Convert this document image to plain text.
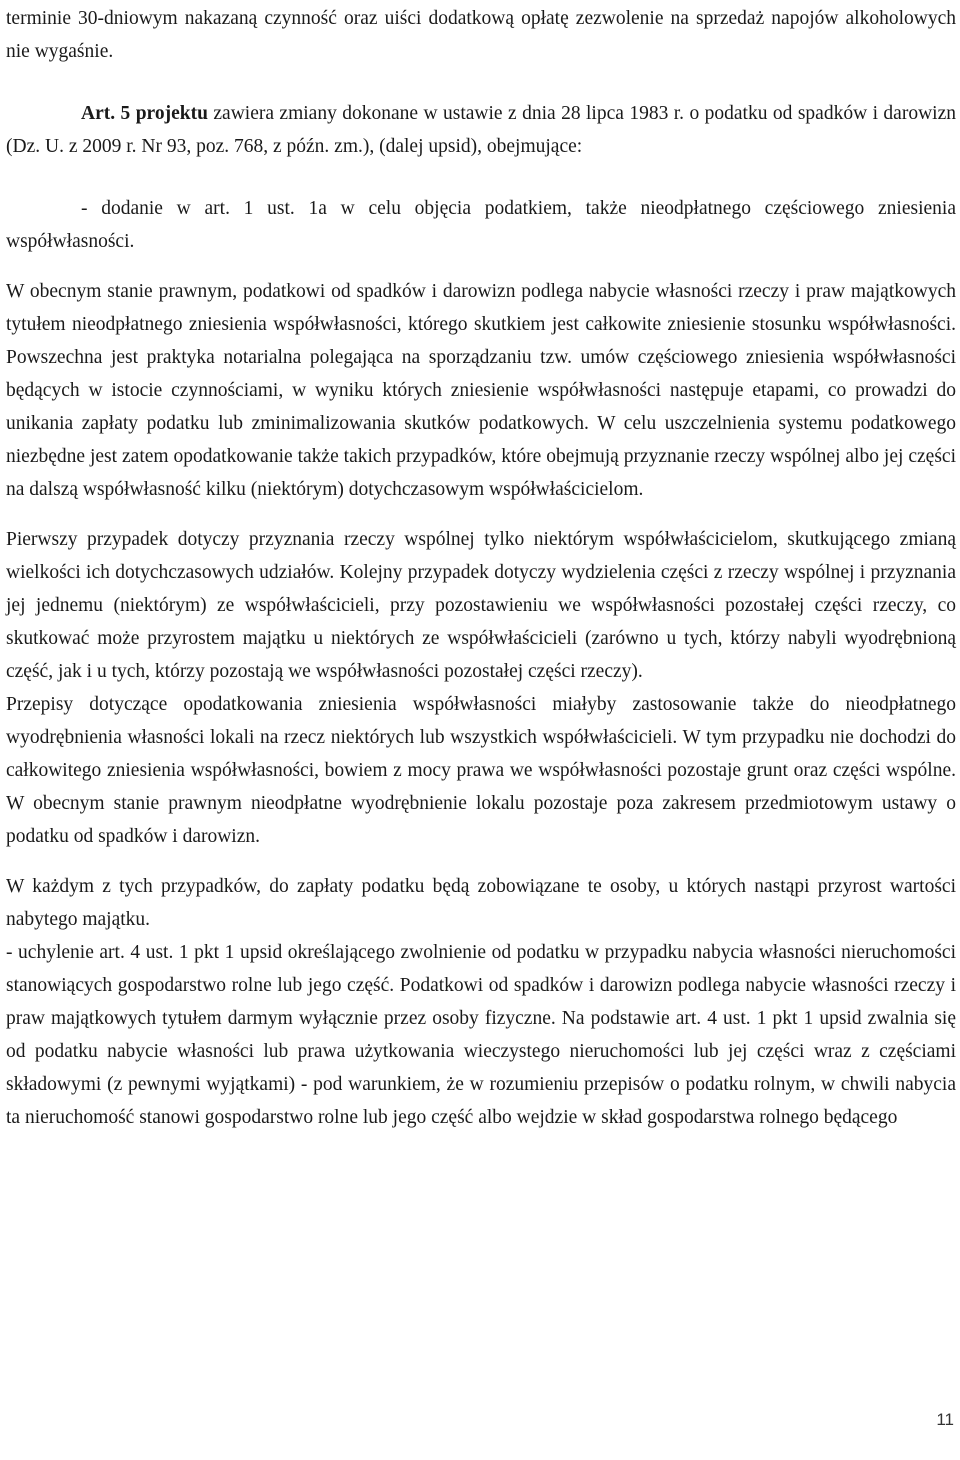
terminie 30-dniowym nakazaną czynność oraz uiści dodatkową opłatę zezwolenie na sprzedaż napojów alkoholowych nie wygaśnie.

Art. 5 projektu zawiera zmiany dokonane w ustawie z dnia 28 lipca 1983 r. o podatku od spadków i darowizn (Dz. U. z 2009 r. Nr 93, poz. 768, z późn. zm.), (dalej upsid), obejmujące:

- dodanie w art. 1 ust. 1a w celu objęcia podatkiem, także nieodpłatnego częściowego zniesienia współwłasności.

W obecnym stanie prawnym, podatkowi od spadków i darowizn podlega nabycie własności rzeczy i praw majątkowych tytułem nieodpłatnego zniesienia współwłasności, którego skutkiem jest całkowite zniesienie stosunku współwłasności. Powszechna jest praktyka notarialna polegająca na sporządzaniu tzw. umów częściowego zniesienia współwłasności będących w istocie czynnościami, w wyniku których zniesienie współwłasności następuje etapami, co prowadzi do unikania zapłaty podatku lub zminimalizowania skutków podatkowych. W celu uszczelnienia systemu podatkowego niezbędne jest zatem opodatkowanie także takich przypadków, które obejmują przyznanie rzeczy wspólnej albo jej części na dalszą współwłasność kilku (niektórym) dotychczasowym współwłaścicielom.

Pierwszy przypadek dotyczy przyznania rzeczy wspólnej tylko niektórym współwłaścicielom, skutkującego zmianą wielkości ich dotychczasowych udziałów. Kolejny przypadek dotyczy wydzielenia części z rzeczy wspólnej i przyznania jej jednemu (niektórym) ze współwłaścicieli, przy pozostawieniu we współwłasności pozostałej części rzeczy, co skutkować może przyrostem majątku u niektórych ze współwłaścicieli (zarówno u tych, którzy nabyli wyodrębnioną część, jak i u tych, którzy pozostają we współwłasności pozostałej części rzeczy).

Przepisy dotyczące opodatkowania zniesienia współwłasności miałyby zastosowanie także do nieodpłatnego wyodrębnienia własności lokali na rzecz niektórych lub wszystkich współwłaścicieli. W tym przypadku nie dochodzi do całkowitego zniesienia współwłasności, bowiem z mocy prawa we współwłasności pozostaje grunt oraz części wspólne. W obecnym stanie prawnym nieodpłatne wyodrębnienie lokalu pozostaje poza zakresem przedmiotowym ustawy o podatku od spadków i darowizn.

W każdym z tych przypadków, do zapłaty podatku będą zobowiązane te osoby, u których nastąpi przyrost wartości nabytego majątku.

- uchylenie art. 4 ust. 1 pkt 1 upsid określającego zwolnienie od podatku w przypadku nabycia własności nieruchomości stanowiących gospodarstwo rolne lub jego część. Podatkowi od spadków i darowizn podlega nabycie własności rzeczy i praw majątkowych tytułem darmym wyłącznie przez osoby fizyczne. Na podstawie art. 4 ust. 1 pkt 1 upsid zwalnia się od podatku nabycie własności lub prawa użytkowania wieczystego nieruchomości lub jej części wraz z częściami składowymi (z pewnymi wyjątkami) - pod warunkiem, że w rozumieniu przepisów o podatku rolnym, w chwili nabycia ta nieruchomość stanowi gospodarstwo rolne lub jego część albo wejdzie w skład gospodarstwa rolnego będącego

11
